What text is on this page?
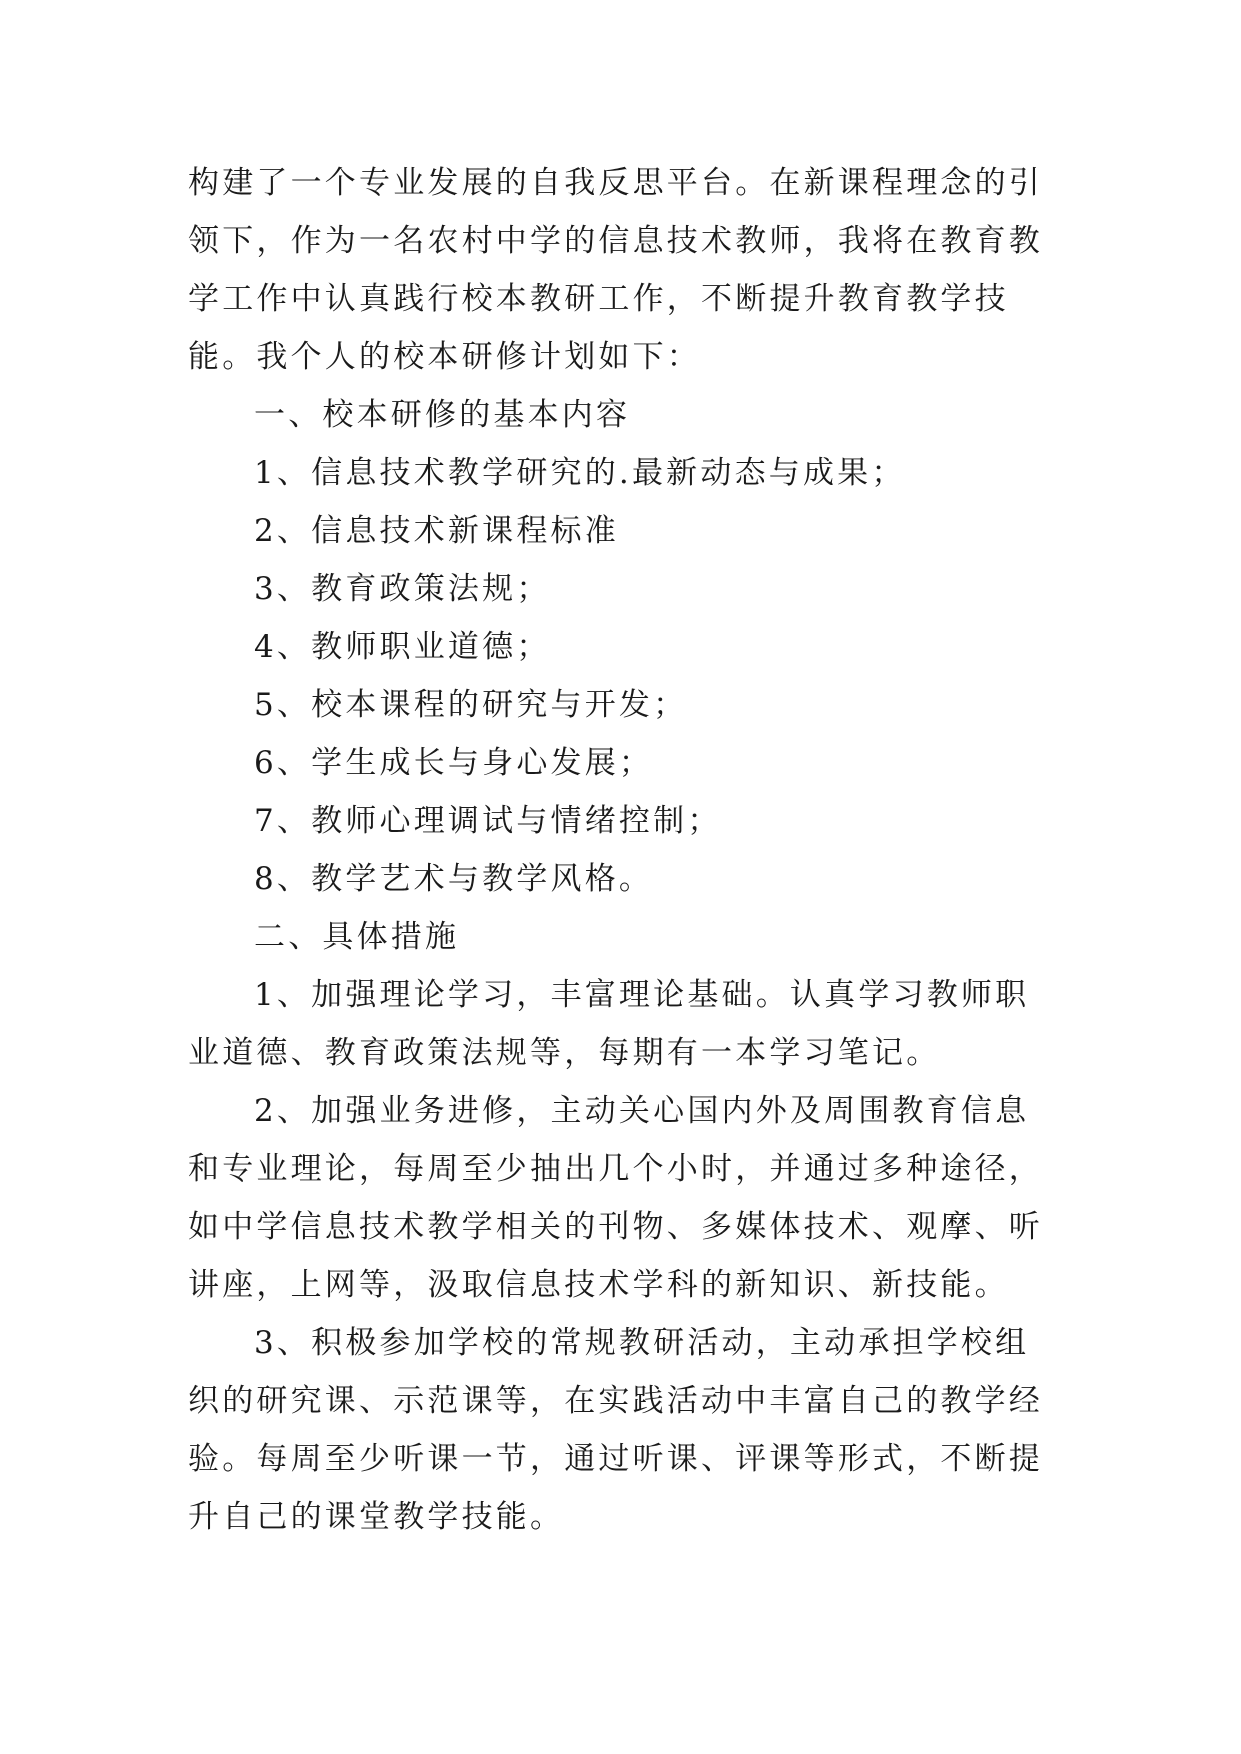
构建了一个专业发展的自我反思平台。在新课程理念的引领下，作为一名农村中学的信息技术教师，我将在教育教学工作中认真践行校本教研工作，不断提升教育教学技能。我个人的校本研修计划如下：

一、校本研修的基本内容

1、信息技术教学研究的.最新动态与成果；

2、信息技术新课程标准

3、教育政策法规；

4、教师职业道德；

5、校本课程的研究与开发；

6、学生成长与身心发展；

7、教师心理调试与情绪控制；

8、教学艺术与教学风格。

二、具体措施

1、加强理论学习，丰富理论基础。认真学习教师职业道德、教育政策法规等，每期有一本学习笔记。

2、加强业务进修，主动关心国内外及周围教育信息和专业理论，每周至少抽出几个小时，并通过多种途径，如中学信息技术教学相关的刊物、多媒体技术、观摩、听讲座，上网等，汲取信息技术学科的新知识、新技能。

3、积极参加学校的常规教研活动，主动承担学校组织的研究课、示范课等，在实践活动中丰富自己的教学经验。每周至少听课一节，通过听课、评课等形式，不断提升自己的课堂教学技能。
